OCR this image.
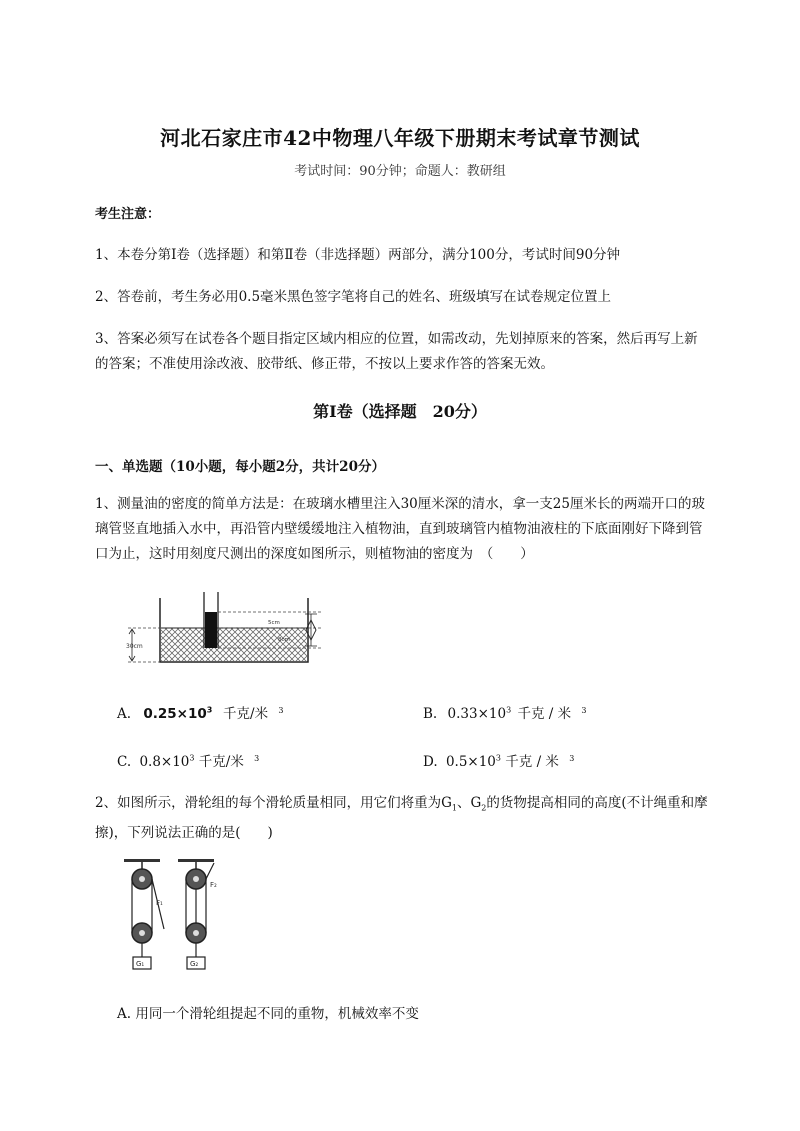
河北石家庄市42中物理八年级下册期末考试章节测试
考试时间：90分钟；命题人：教研组
考生注意：
1、本卷分第I卷（选择题）和第Ⅱ卷（非选择题）两部分，满分100分，考试时间90分钟
2、答卷前，考生务必用0.5毫米黑色签字笔将自己的姓名、班级填写在试卷规定位置上
3、答案必须写在试卷各个题目指定区域内相应的位置，如需改动，先划掉原来的答案，然后再写上新的答案；不准使用涂改液、胶带纸、修正带，不按以上要求作答的答案无效。
第I卷（选择题　20分）
一、单选题（10小题，每小题2分，共计20分）
1、测量油的密度的简单方法是：在玻璃水槽里注入30厘米深的清水，拿一支25厘米长的两端开口的玻璃管竖直地插入水中，再沿管内壁缓缓地注入植物油，直到玻璃管内植物油液柱的下底面刚好下降到管口为止，这时用刻度尺测出的深度如图所示，则植物油的密度为　（　　）
30cm
5cm
8cm
A. $0.25\times 10^3$ 千克/米 $^3$	B. $0.33\times 10^3$ 千克 / 米 $^3$
C. $0.8\times 10^3$ 千克/米 $^3$	D. $0.5\times 10^3$ 千克 / 米 $^3$
2、如图所示，滑轮组的每个滑轮质量相同，用它们将重为$G_1$、$G_2$的货物提高相同的高度(不计绳重和摩擦)，下列说法正确的是(　　)
F₁
F₂
G₁	G₂
A. 用同一个滑轮组提起不同的重物，机械效率不变
